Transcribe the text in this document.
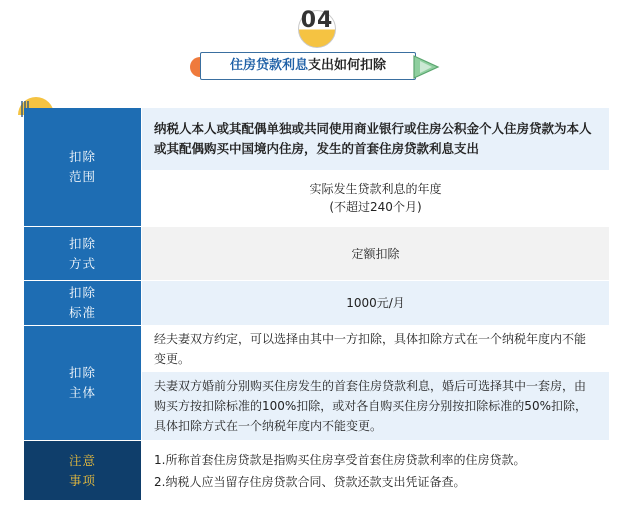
04
住房贷款利息支出如何扣除
扣除
范围
纳税人本人或其配偶单独或共同使用商业银行或住房公积金个人住房贷款为本人或其配偶购买中国境内住房，发生的首套住房贷款利息支出
实际发生贷款利息的年度
(不超过240个月)
扣除
方式
定额扣除
扣除
标准
1000元/月
扣除
主体
经夫妻双方约定，可以选择由其中一方扣除，具体扣除方式在一个纳税年度内不能变更。
夫妻双方婚前分别购买住房发生的首套住房贷款利息，婚后可选择其中一套房，由购买方按扣除标准的100%扣除，或对各自购买住房分别按扣除标准的50%扣除，具体扣除方式在一个纳税年度内不能变更。
注意
事项
1.所称首套住房贷款是指购买住房享受首套住房贷款利率的住房贷款。
2.纳税人应当留存住房贷款合同、贷款还款支出凭证备查。
